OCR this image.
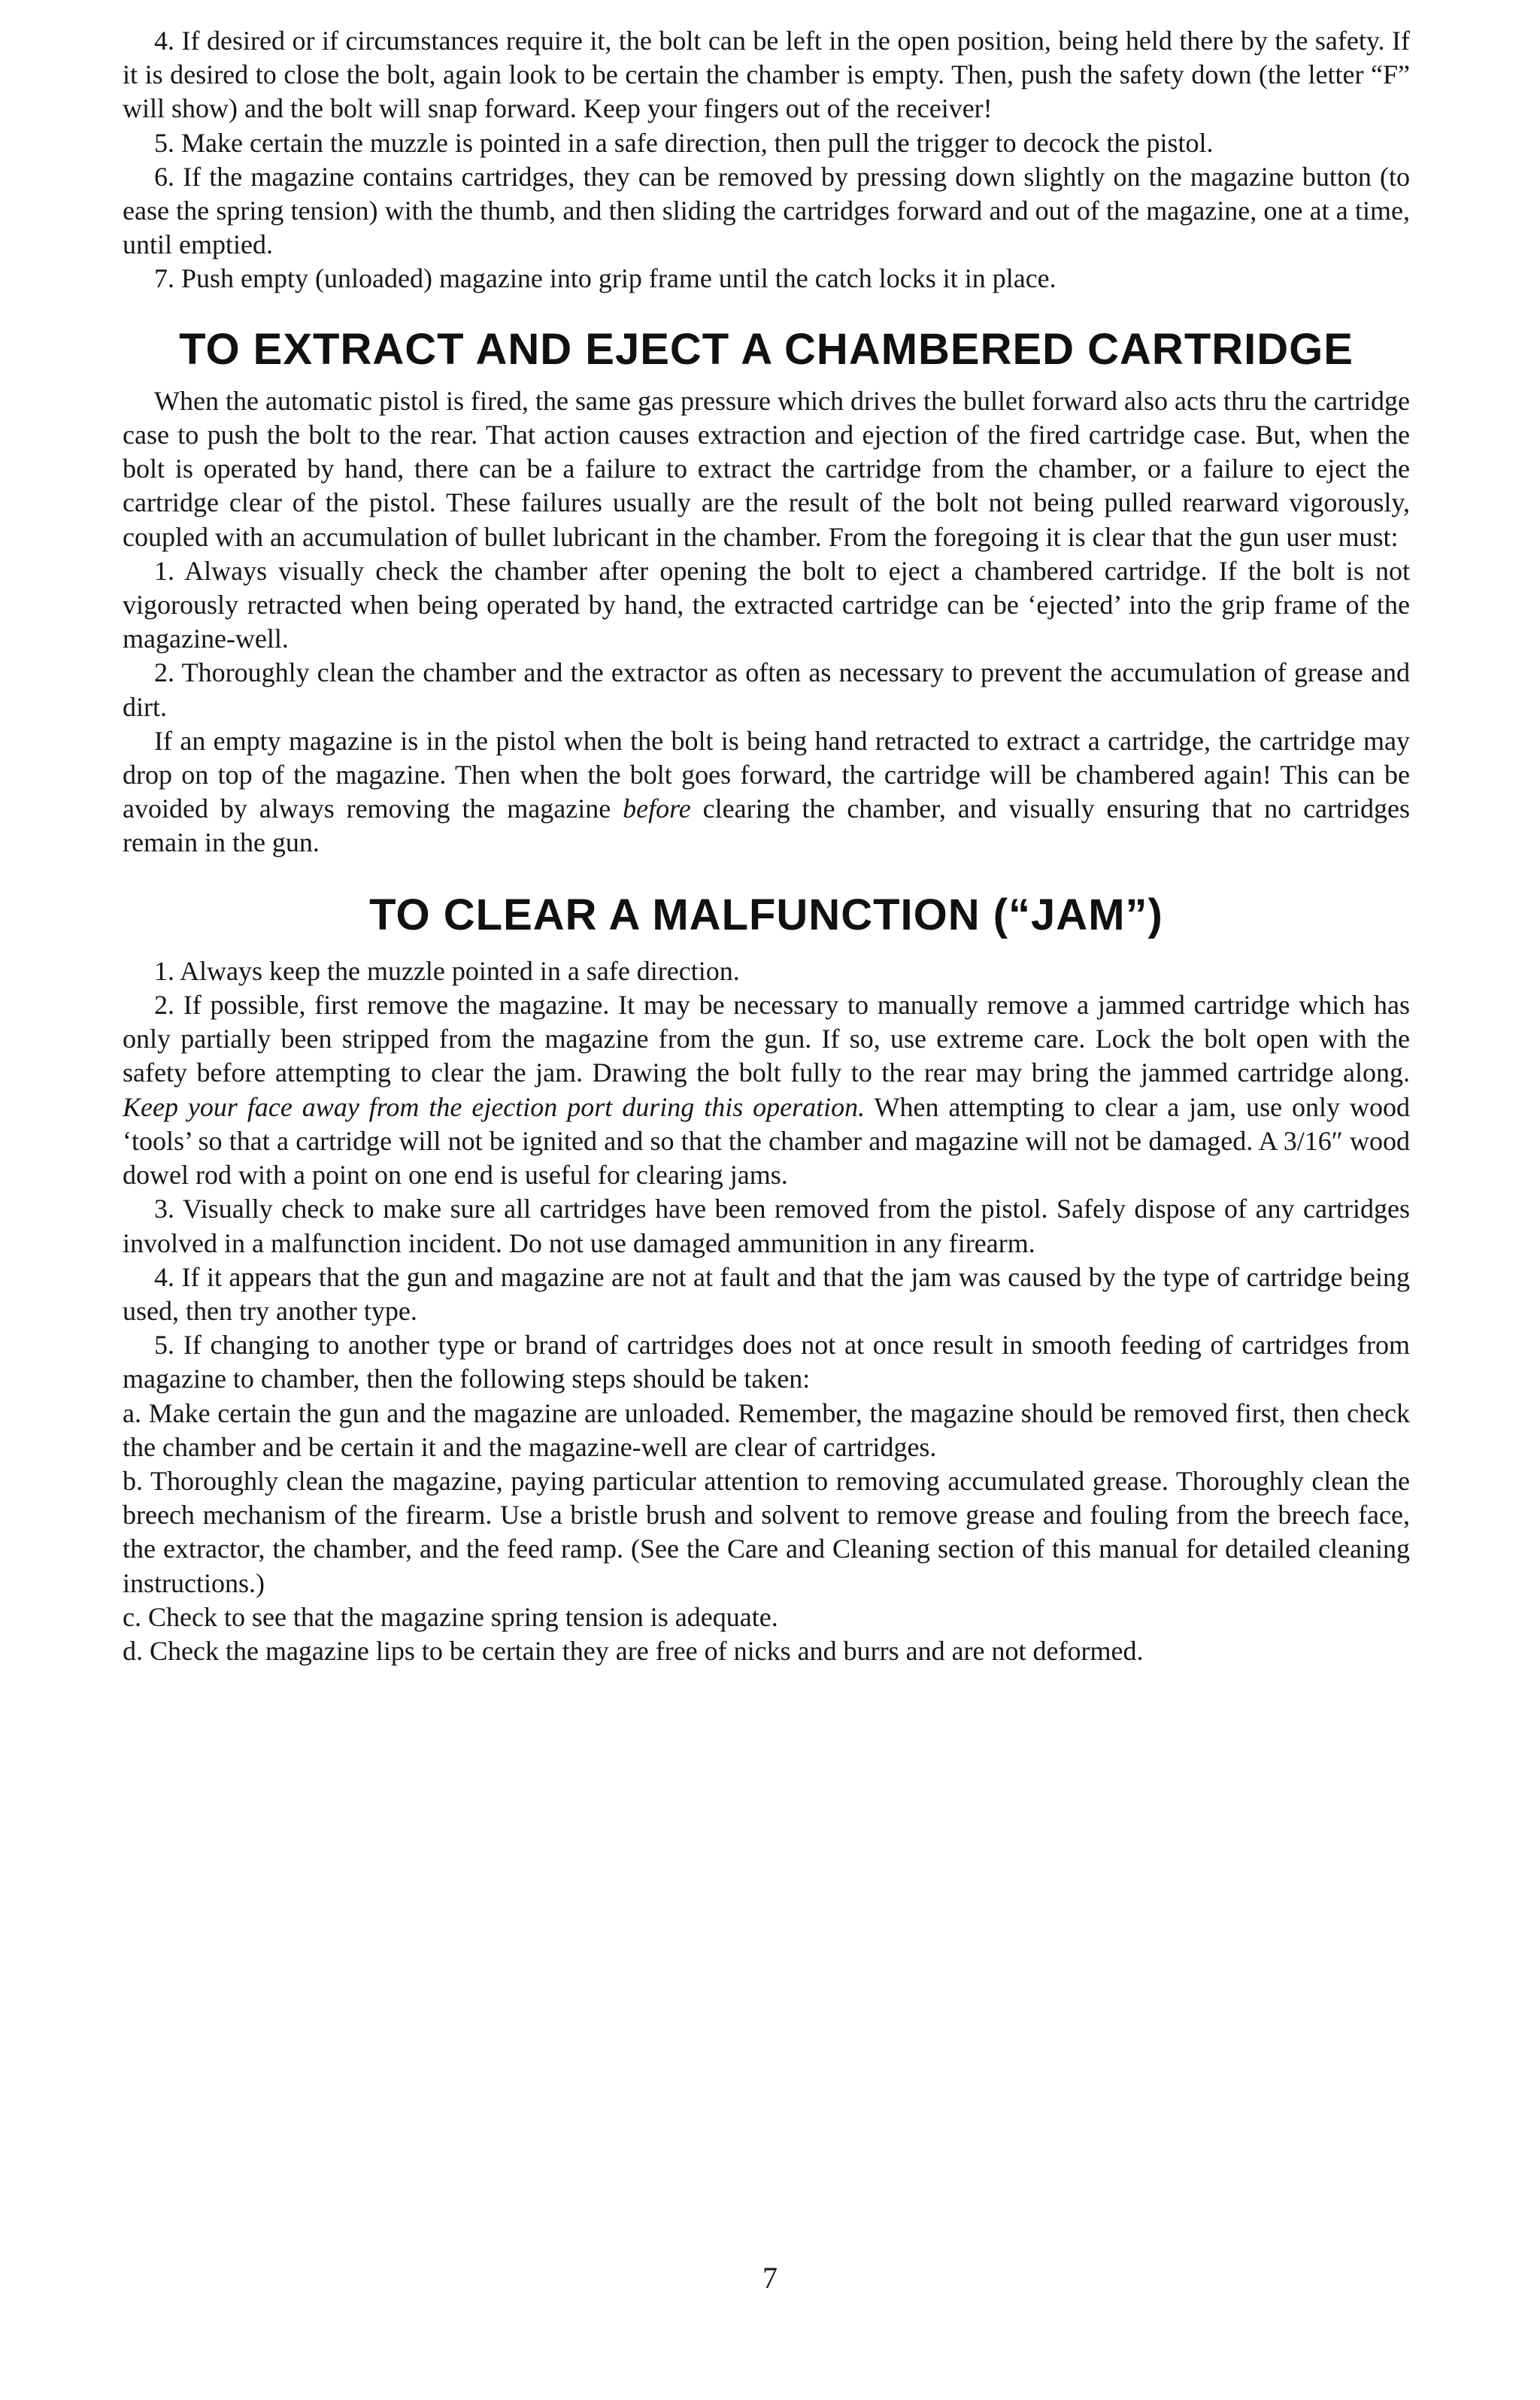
4. If desired or if circumstances require it, the bolt can be left in the open position, being held there by the safety. If it is desired to close the bolt, again look to be certain the chamber is empty. Then, push the safety down (the letter “F” will show) and the bolt will snap forward. Keep your fingers out of the receiver!

5. Make certain the muzzle is pointed in a safe direction, then pull the trigger to decock the pistol.

6. If the magazine contains cartridges, they can be removed by pressing down slightly on the magazine button (to ease the spring tension) with the thumb, and then sliding the cartridges forward and out of the magazine, one at a time, until emptied.

7. Push empty (unloaded) magazine into grip frame until the catch locks it in place.

TO EXTRACT AND EJECT A CHAMBERED CARTRIDGE

When the automatic pistol is fired, the same gas pressure which drives the bullet forward also acts thru the cartridge case to push the bolt to the rear. That action causes extraction and ejection of the fired cartridge case. But, when the bolt is operated by hand, there can be a failure to extract the cartridge from the chamber, or a failure to eject the cartridge clear of the pistol. These failures usually are the result of the bolt not being pulled rearward vigorously, coupled with an accumulation of bullet lubricant in the chamber. From the foregoing it is clear that the gun user must:

1. Always visually check the chamber after opening the bolt to eject a chambered cartridge. If the bolt is not vigorously retracted when being operated by hand, the extracted cartridge can be ‘ejected’ into the grip frame of the magazine-well.

2. Thoroughly clean the chamber and the extractor as often as necessary to prevent the accumulation of grease and dirt.

If an empty magazine is in the pistol when the bolt is being hand retracted to extract a cartridge, the cartridge may drop on top of the magazine. Then when the bolt goes forward, the cartridge will be chambered again! This can be avoided by always removing the magazine before clearing the chamber, and visually ensuring that no cartridges remain in the gun.

TO CLEAR A MALFUNCTION (“JAM”)

1. Always keep the muzzle pointed in a safe direction.

2. If possible, first remove the magazine. It may be necessary to manually remove a jammed cartridge which has only partially been stripped from the magazine from the gun. If so, use extreme care. Lock the bolt open with the safety before attempting to clear the jam. Drawing the bolt fully to the rear may bring the jammed cartridge along. Keep your face away from the ejection port during this operation. When attempting to clear a jam, use only wood ‘tools’ so that a cartridge will not be ignited and so that the chamber and magazine will not be damaged. A 3/16″ wood dowel rod with a point on one end is useful for clearing jams.

3. Visually check to make sure all cartridges have been removed from the pistol. Safely dispose of any cartridges involved in a malfunction incident. Do not use damaged ammunition in any firearm.

4. If it appears that the gun and magazine are not at fault and that the jam was caused by the type of cartridge being used, then try another type.

5. If changing to another type or brand of cartridges does not at once result in smooth feeding of cartridges from magazine to chamber, then the following steps should be taken:

a. Make certain the gun and the magazine are unloaded. Remember, the magazine should be removed first, then check the chamber and be certain it and the magazine-well are clear of cartridges.

b. Thoroughly clean the magazine, paying particular attention to removing accumulated grease. Thoroughly clean the breech mechanism of the firearm. Use a bristle brush and solvent to remove grease and fouling from the breech face, the extractor, the chamber, and the feed ramp. (See the Care and Cleaning section of this manual for detailed cleaning instructions.)

c. Check to see that the magazine spring tension is adequate.

d. Check the magazine lips to be certain they are free of nicks and burrs and are not deformed.

7
